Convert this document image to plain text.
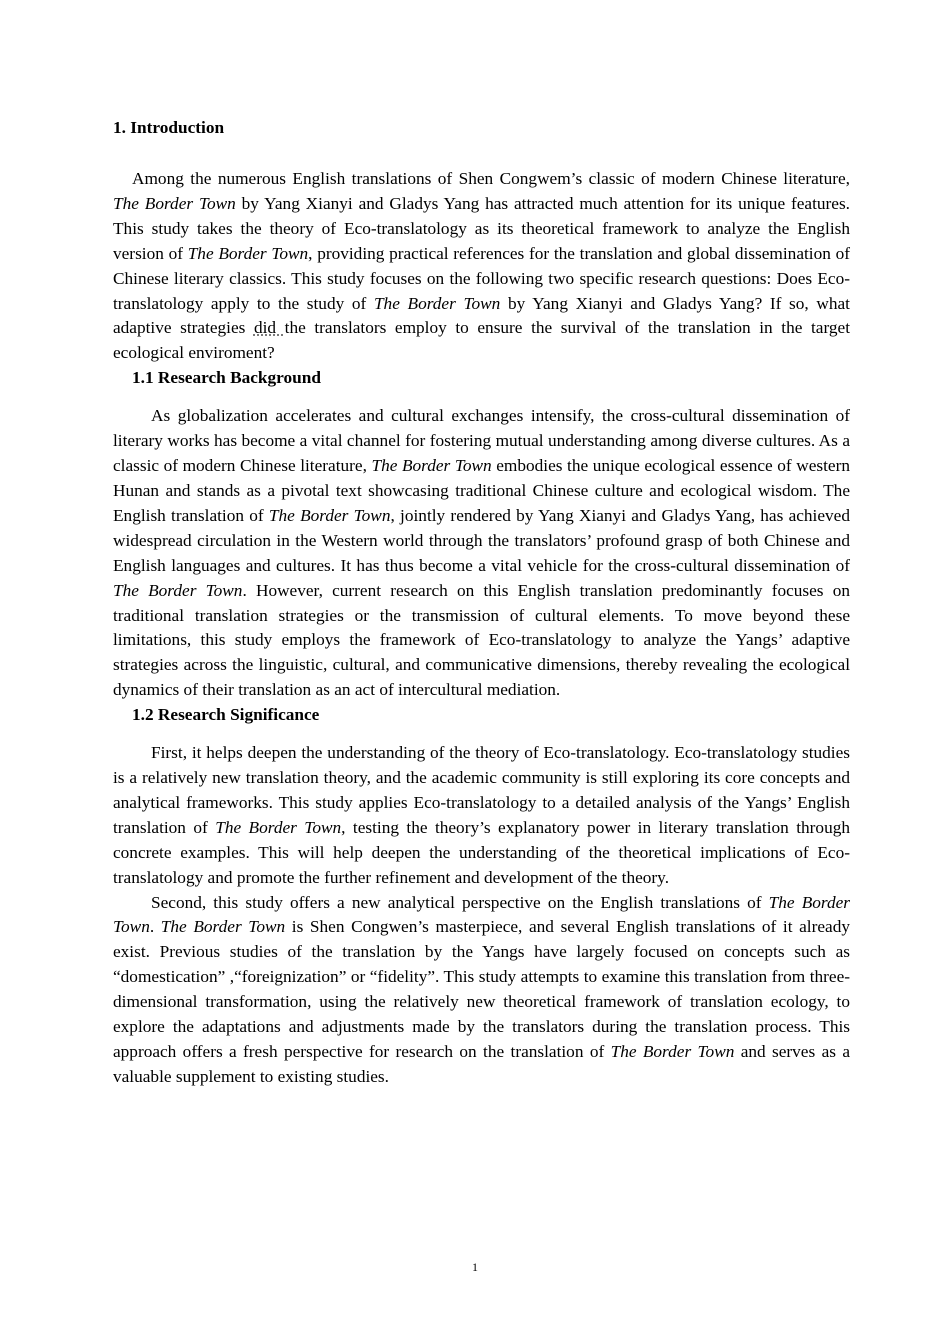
1. Introduction

Among the numerous English translations of Shen Congwem’s classic of modern Chinese literature, The Border Town by Yang Xianyi and Gladys Yang has attracted much attention for its unique features. This study takes the theory of Eco-translatology as its theoretical framework to analyze the English version of The Border Town, providing practical references for the translation and global dissemination of Chinese literary classics. This study focuses on the following two specific research questions: Does Eco-translatology apply to the study of The Border Town by Yang Xianyi and Gladys Yang? If so, what adaptive strategies did the translators employ to ensure the survival of the translation in the target ecological enviroment?

1.1 Research Background

As globalization accelerates and cultural exchanges intensify, the cross-cultural dissemination of literary works has become a vital channel for fostering mutual understanding among diverse cultures. As a classic of modern Chinese literature, The Border Town embodies the unique ecological essence of western Hunan and stands as a pivotal text showcasing traditional Chinese culture and ecological wisdom. The English translation of The Border Town, jointly rendered by Yang Xianyi and Gladys Yang, has achieved widespread circulation in the Western world through the translators’ profound grasp of both Chinese and English languages and cultures. It has thus become a vital vehicle for the cross-cultural dissemination of The Border Town. However, current research on this English translation predominantly focuses on traditional translation strategies or the transmission of cultural elements. To move beyond these limitations, this study employs the framework of Eco-translatology to analyze the Yangs’ adaptive strategies across the linguistic, cultural, and communicative dimensions, thereby revealing the ecological dynamics of their translation as an act of intercultural mediation.

1.2 Research Significance

First, it helps deepen the understanding of the theory of Eco-translatology. Eco-translatology studies is a relatively new translation theory, and the academic community is still exploring its core concepts and analytical frameworks. This study applies Eco-translatology to a detailed analysis of the Yangs’ English translation of The Border Town, testing the theory’s explanatory power in literary translation through concrete examples. This will help deepen the understanding of the theoretical implications of Eco-translatology and promote the further refinement and development of the theory.

Second, this study offers a new analytical perspective on the English translations of The Border Town. The Border Town is Shen Congwen’s masterpiece, and several English translations of it already exist. Previous studies of the translation by the Yangs have largely focused on concepts such as “domestication” ,“foreignization” or “fidelity”. This study attempts to examine this translation from three-dimensional transformation, using the relatively new theoretical framework of translation ecology, to explore the adaptations and adjustments made by the translators during the translation process. This approach offers a fresh perspective for research on the translation of The Border Town and serves as a valuable supplement to existing studies.

1
